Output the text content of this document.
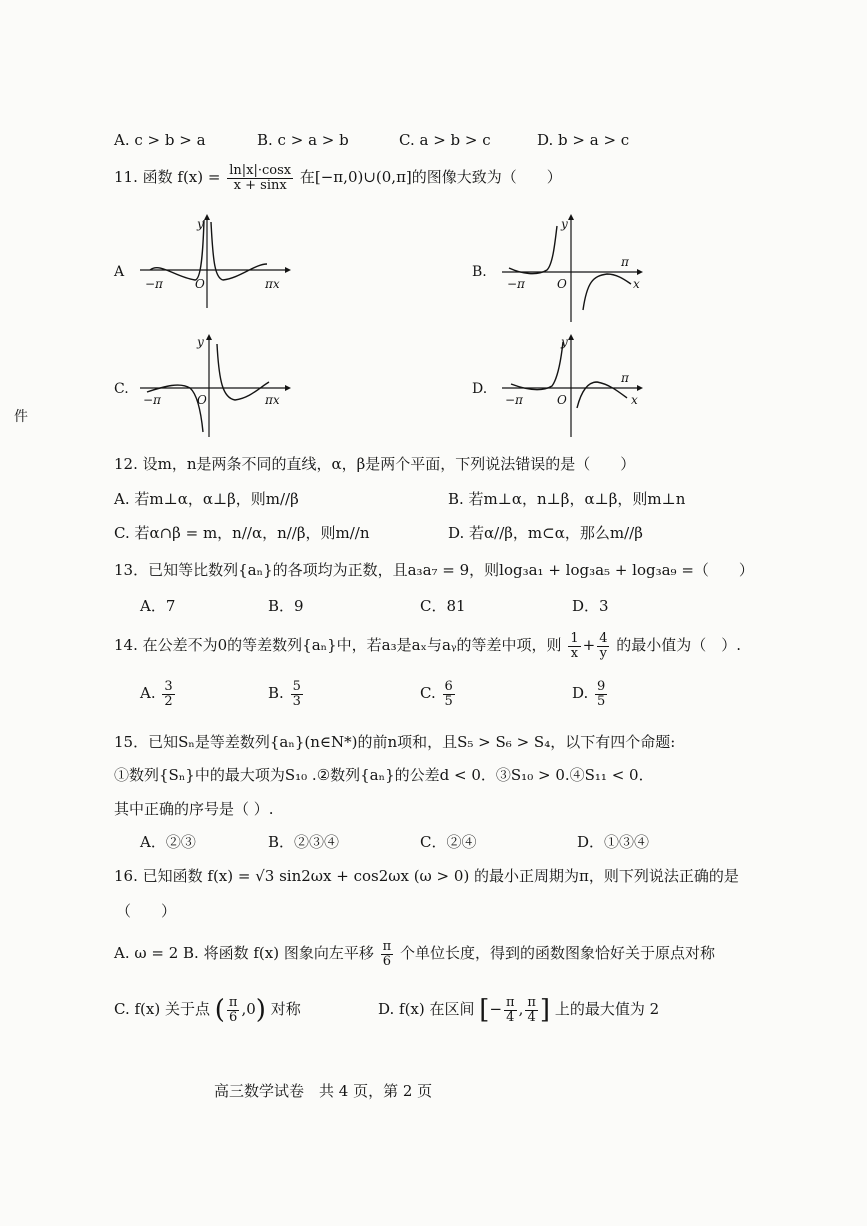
件
A. c > b > a	B. c > a > b	C. a > b > c	D. b > a > c
11. 函数 $f(x) = \frac{\ln|x|\cdot\cos x}{x + \sin x}$ 在[−π,0)∪(0,π]的图像大致为（　　）
A
−π	O	πx
y
B.
−π	O
π
x
y
C.
−π	O	πx
y
D.
−π	O
π
x
y
12. 设m，n是两条不同的直线，α，β是两个平面，下列说法错误的是（　　）
A. 若m⊥α，α⊥β，则m//β	B. 若m⊥α，n⊥β，α⊥β，则m⊥n
C. 若α∩β = m，n//α，n//β，则m//n	D. 若α//β，m⊂α，那么m//β
13．已知等比数列{aₙ}的各项均为正数，且a₃a₇ = 9，则log₃a₁ + log₃a₅ + log₃a₉ =（　　）
A．7	B．9	C．81	D．3
14. 在公差不为0的等差数列{aₙ}中，若a₃是aₓ与aᵧ的等差中项，则 $\frac{1}{x} + \frac{4}{y}$ 的最小值为（　）.
A. $\frac{3}{2}$	B. $\frac{5}{3}$	C. $\frac{6}{5}$	D. $\frac{9}{5}$
15．已知Sₙ是等差数列{aₙ}(n∈N*)的前n项和，且S₅ > S₆ > S₄，以下有四个命题:
①数列{Sₙ}中的最大项为S₁₀ .②数列{aₙ}的公差d < 0．③S₁₀ > 0.④S₁₁ < 0．
其中正确的序号是（ ）.
A．②③	B．②③④	C．②④	D．①③④
16. 已知函数 f(x) = √3 sin2ωx + cos2ωx (ω > 0) 的最小正周期为π，则下列说法正确的是
（　　）
A. ω = 2 B. 将函数 f(x) 图象向左平移 $\frac{\pi}{6}$ 个单位长度，得到的函数图象恰好关于原点对称
C. f(x) 关于点 ( $\frac{\pi}{6} ,0$) 对称	D. f(x) 在区间 [− $\frac{\pi}{4}$ , $\frac{\pi}{4}$ ] 上的最大值为 2
高三数学试卷　共 4 页，第 2 页
